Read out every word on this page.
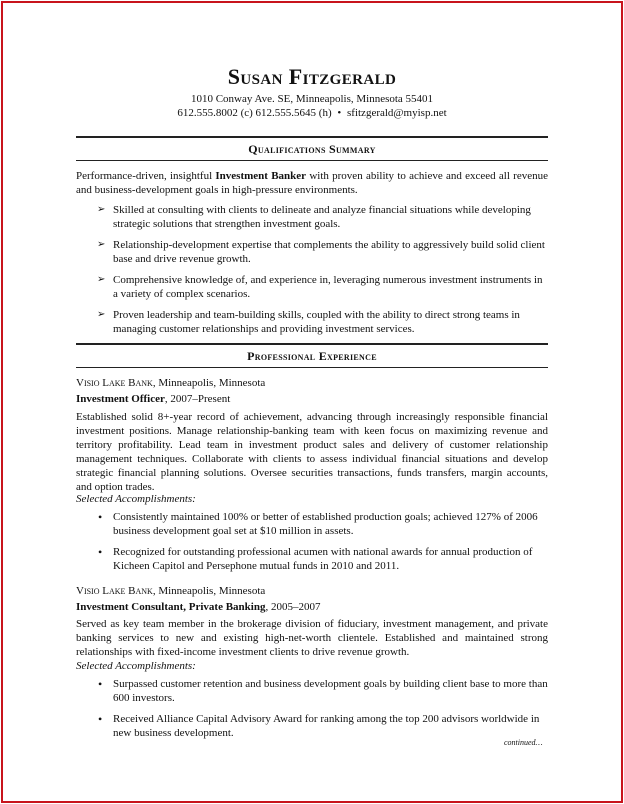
Susan Fitzgerald
1010 Conway Ave. SE, Minneapolis, Minnesota 55401
612.555.8002 (c) 612.555.5645 (h) • sfitzgerald@myisp.net
Qualifications Summary
Performance-driven, insightful Investment Banker with proven ability to achieve and exceed all revenue and business-development goals in high-pressure environments.
➢ Skilled at consulting with clients to delineate and analyze financial situations while developing strategic solutions that strengthen investment goals.
➢ Relationship-development expertise that complements the ability to aggressively build solid client base and drive revenue growth.
➢ Comprehensive knowledge of, and experience in, leveraging numerous investment instruments in a variety of complex scenarios.
➢ Proven leadership and team-building skills, coupled with the ability to direct strong teams in managing customer relationships and providing investment services.
Professional Experience
Visio Lake Bank, Minneapolis, Minnesota
Investment Officer, 2007–Present
Established solid 8+-year record of achievement, advancing through increasingly responsible financial investment positions. Manage relationship-banking team with keen focus on maximizing revenue and territory profitability. Lead team in investment product sales and delivery of customer relationship management techniques. Collaborate with clients to assess individual financial situations and develop strategic financial planning solutions. Oversee securities transactions, funds transfers, margin accounts, and option trades.
Selected Accomplishments:
• Consistently maintained 100% or better of established production goals; achieved 127% of 2006 business development goal set at $10 million in assets.
• Recognized for outstanding professional acumen with national awards for annual production of Kicheen Capitol and Persephone mutual funds in 2010 and 2011.
Visio Lake Bank, Minneapolis, Minnesota
Investment Consultant, Private Banking, 2005–2007
Served as key team member in the brokerage division of fiduciary, investment management, and private banking services to new and existing high-net-worth clientele. Established and maintained strong relationships with fixed-income investment clients to drive revenue growth.
Selected Accomplishments:
• Surpassed customer retention and business development goals by building client base to more than 600 investors.
• Received Alliance Capital Advisory Award for ranking among the top 200 advisors worldwide in new business development.
continued…
